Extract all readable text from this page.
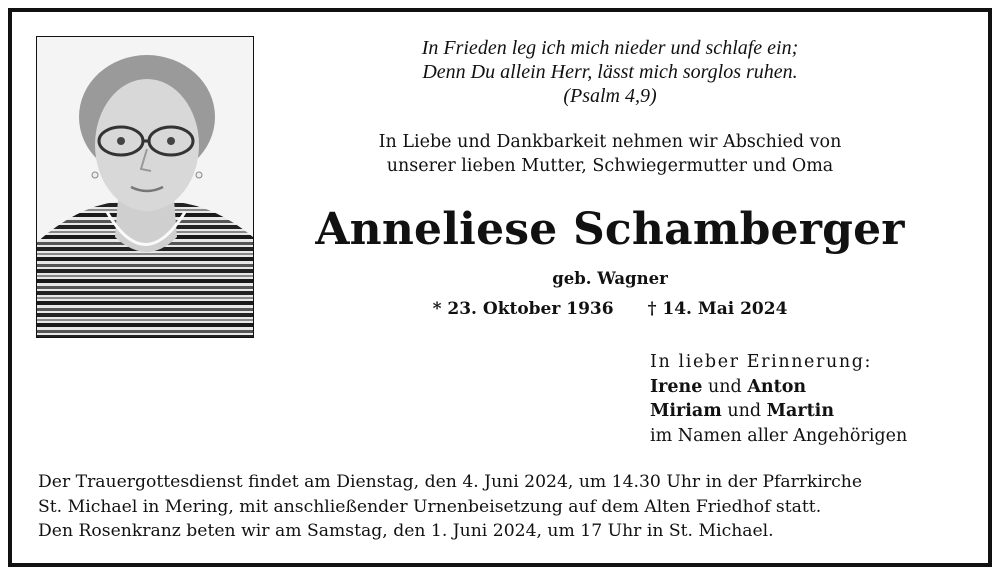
In Frieden leg ich mich nieder und schlafe ein;
Denn Du allein Herr, lässt mich sorglos ruhen.
(Psalm 4,9)
In Liebe und Dankbarkeit nehmen wir Abschied von
unserer lieben Mutter, Schwiegermutter und Oma
Anneliese Schamberger
geb. Wagner
* 23. Oktober 1936 † 14. Mai 2024
In lieber Erinnerung:
Irene und Anton
Miriam und Martin
im Namen aller Angehörigen
Der Trauergottesdienst findet am Dienstag, den 4. Juni 2024, um 14.30 Uhr in der Pfarrkirche
St. Michael in Mering, mit anschließender Urnenbeisetzung auf dem Alten Friedhof statt.
Den Rosenkranz beten wir am Samstag, den 1. Juni 2024, um 17 Uhr in St. Michael.
